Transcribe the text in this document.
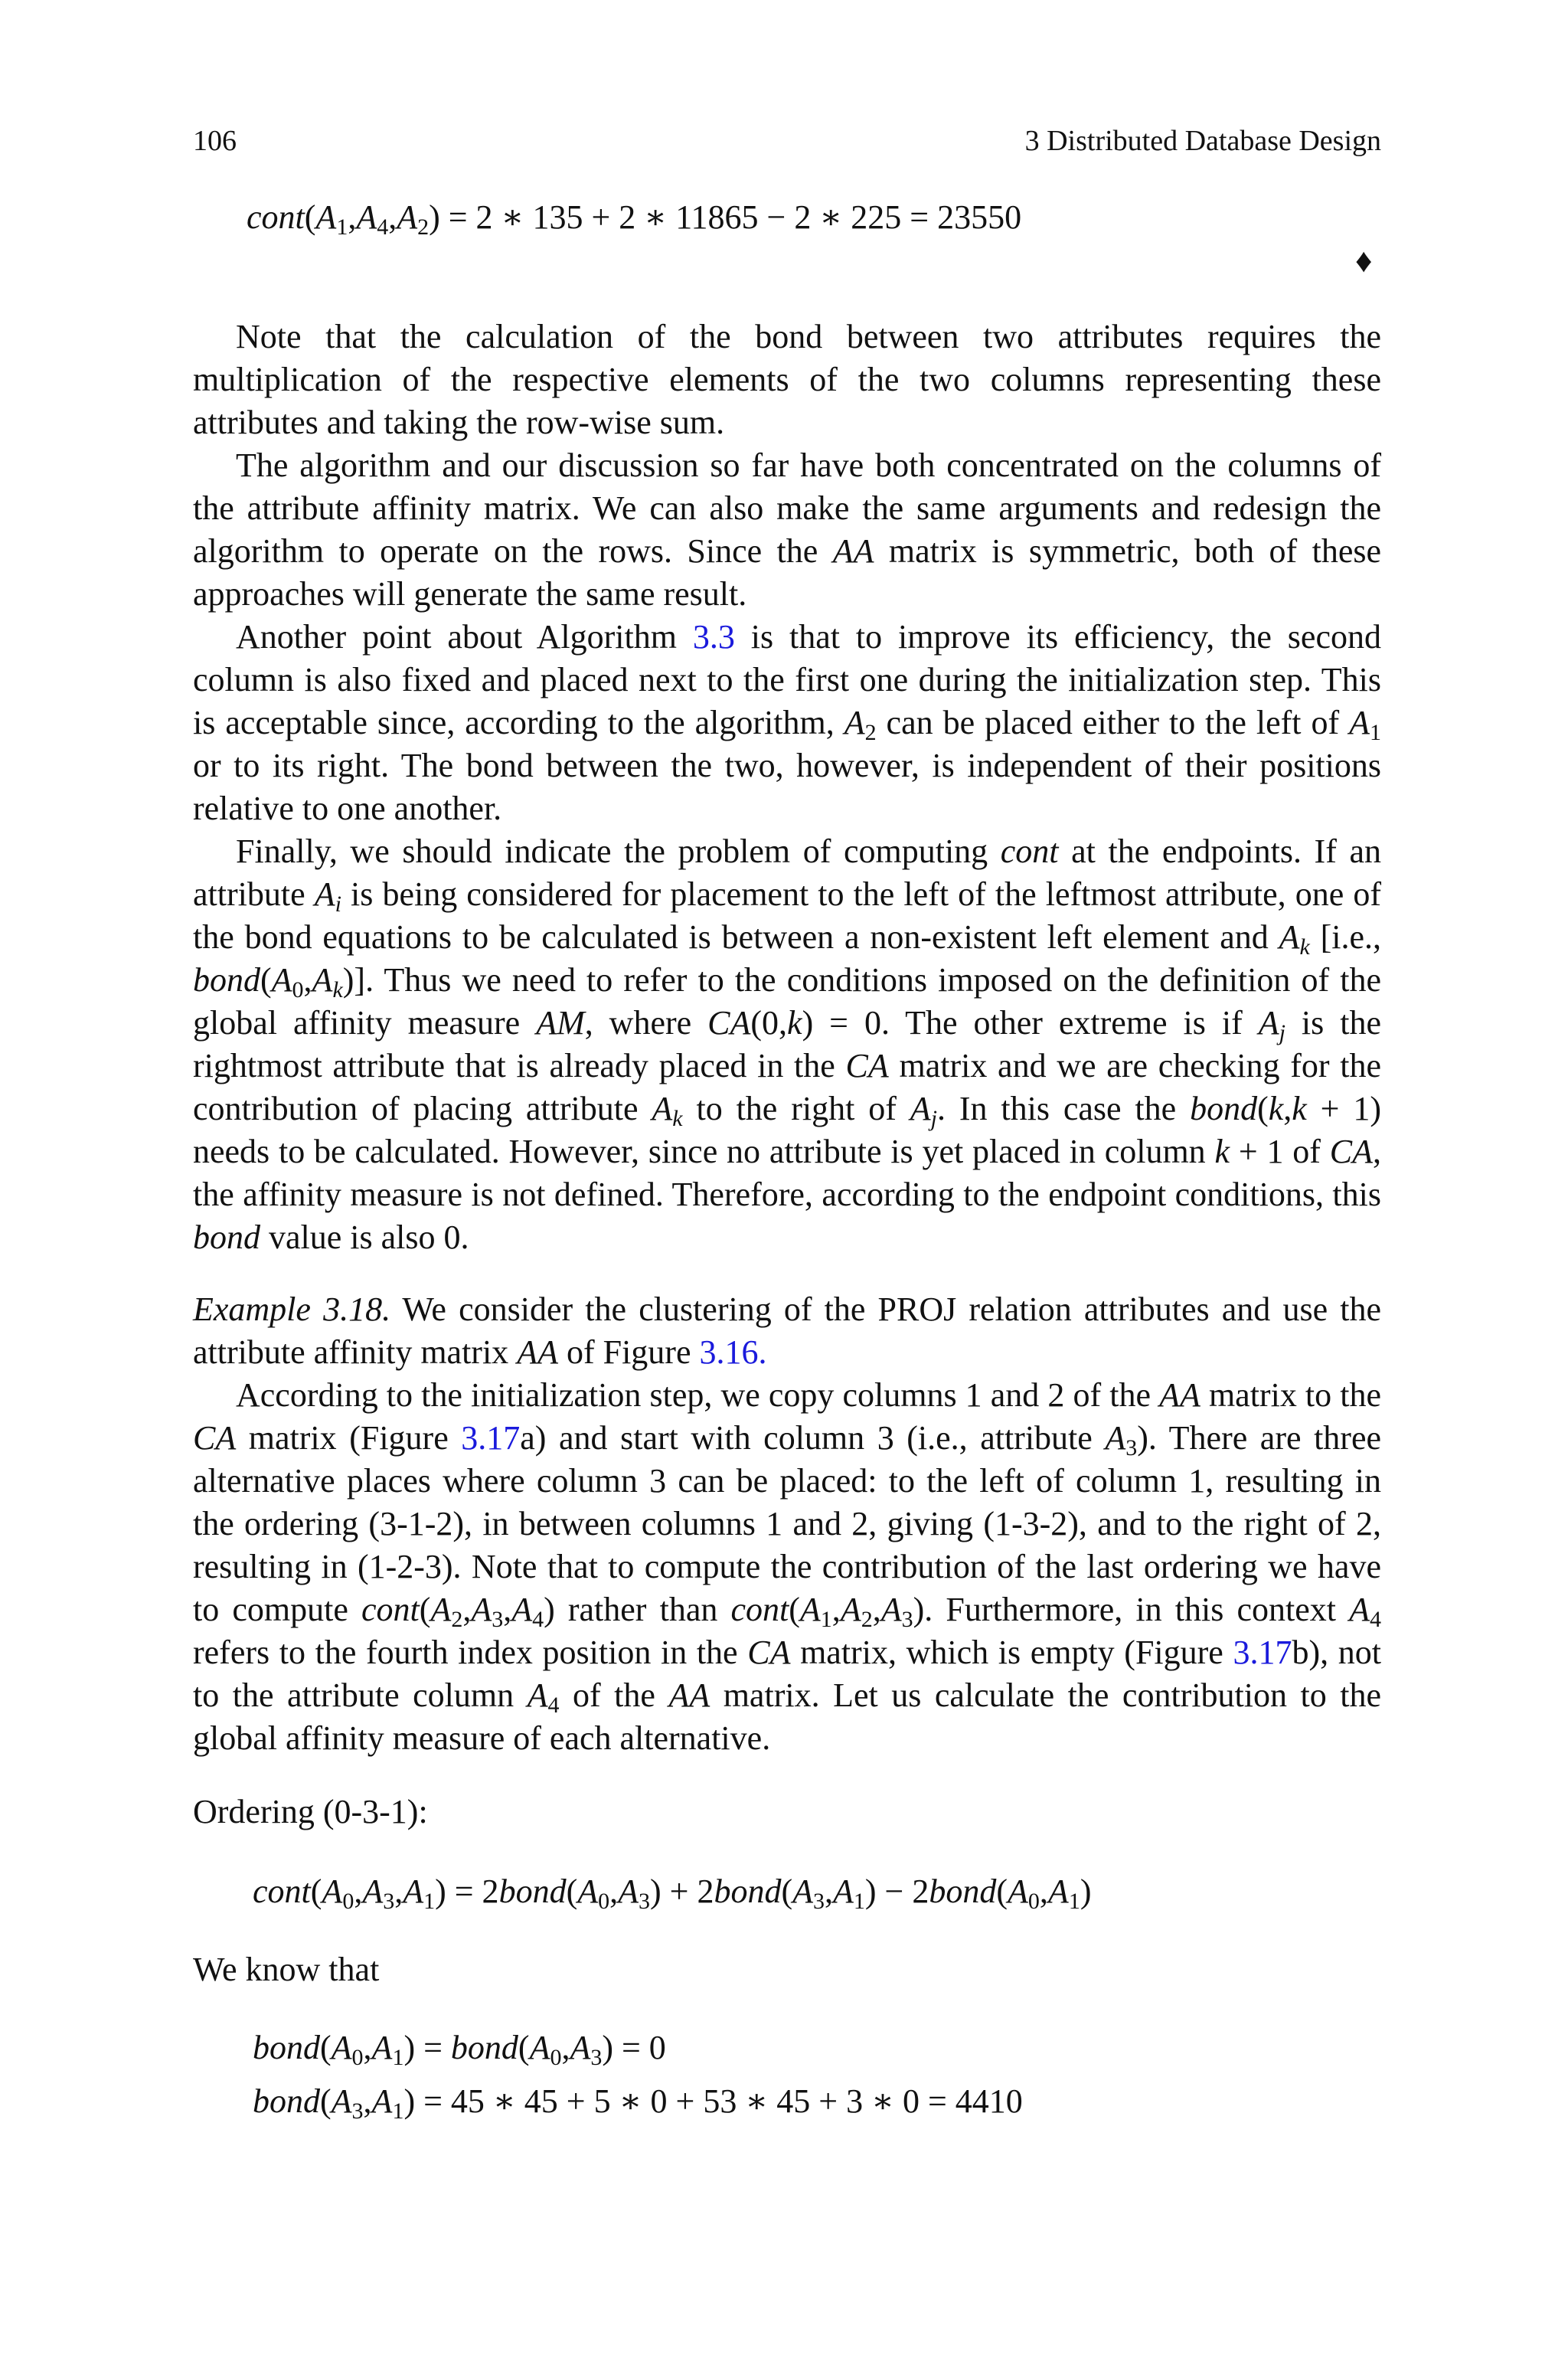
106	3 Distributed Database Design
$cont(A_1,A_4,A_2) = 2$ ∗ 135 + 2 ∗ 11865 − 2 ∗ 225 = 23550
♦

Note that the calculation of the bond between two attributes requires the multiplication of the respective elements of the two columns representing these attributes and taking the row-wise sum.

The algorithm and our discussion so far have both concentrated on the columns of the attribute affinity matrix. We can also make the same arguments and redesign the algorithm to operate on the rows. Since the AA matrix is symmetric, both of these approaches will generate the same result.

Another point about Algorithm 3.3 is that to improve its efficiency, the second column is also fixed and placed next to the first one during the initialization step. This is acceptable since, according to the algorithm, $A_2$ can be placed either to the left of $A_1$ or to its right. The bond between the two, however, is independent of their positions relative to one another.

Finally, we should indicate the problem of computing cont at the endpoints. If an attribute $A_i$ is being considered for placement to the left of the leftmost attribute, one of the bond equations to be calculated is between a non-existent left element and $A_k$ [i.e., $bond(A_0,A_k)$]. Thus we need to refer to the conditions imposed on the definition of the global affinity measure AM, where CA(0,k) = 0. The other extreme is if $A_j$ is the rightmost attribute that is already placed in the CA matrix and we are checking for the contribution of placing attribute $A_k$ to the right of $A_j$. In this case the bond(k,k + 1) needs to be calculated. However, since no attribute is yet placed in column k + 1 of CA, the affinity measure is not defined. Therefore, according to the endpoint conditions, this bond value is also 0.

Example 3.18. We consider the clustering of the PROJ relation attributes and use the attribute affinity matrix AA of Figure 3.16.

According to the initialization step, we copy columns 1 and 2 of the AA matrix to the CA matrix (Figure 3.17a) and start with column 3 (i.e., attribute $A_3$). There are three alternative places where column 3 can be placed: to the left of column 1, resulting in the ordering (3-1-2), in between columns 1 and 2, giving (1-3-2), and to the right of 2, resulting in (1-2-3). Note that to compute the contribution of the last ordering we have to compute $cont(A_2,A_3,A_4)$ rather than $cont(A_1,A_2,A_3)$. Furthermore, in this context $A_4$ refers to the fourth index position in the CA matrix, which is empty (Figure 3.17b), not to the attribute column $A_4$ of the AA matrix. Let us calculate the contribution to the global affinity measure of each alternative.

Ordering (0-3-1):
$cont(A_0,A_3,A_1)$ = $2bond(A_0,A_3)$ + $2bond(A_3,A_1)$ − $2bond(A_0,A_1)$
We know that
$bond(A_0,A_1)$ = $bond(A_0,A_3) = 0$
$bond(A_3,A_1) = 45$ ∗ 45 + 5 ∗ 0 + 53 ∗ 45 + 3 ∗ 0 = 4410
